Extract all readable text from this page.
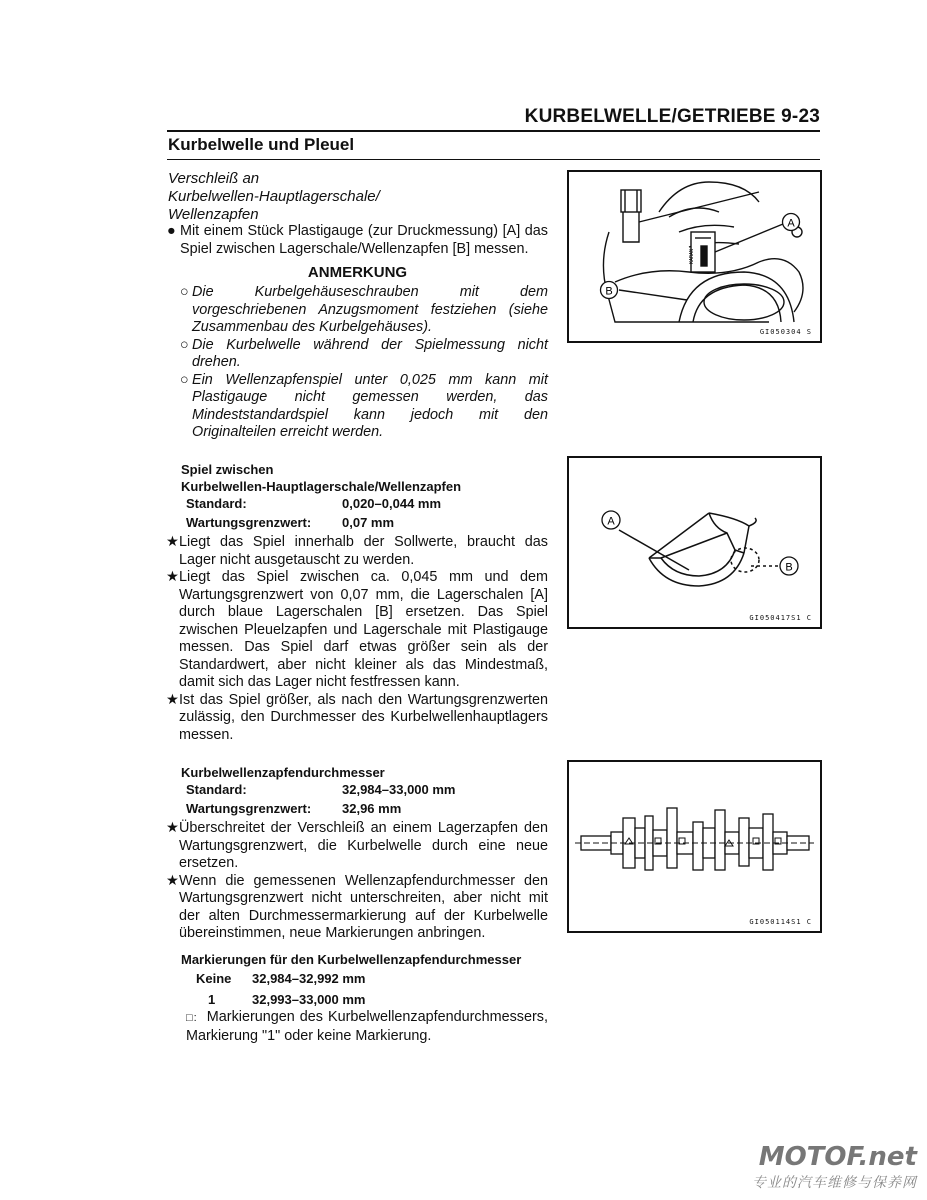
KURBELWELLE/GETRIEBE 9-23
Kurbelwelle und Pleuel
Verschleiß an
Kurbelwellen-Hauptlagerschale/
Wellenzapfen
● Mit einem Stück Plastigauge (zur Druckmessung) [A] das Spiel zwischen Lagerschale/Wellenzapfen [B] messen.
ANMERKUNG
○ Die Kurbelgehäuseschrauben mit dem vorgeschriebenen Anzugsmoment festziehen (siehe Zusammenbau des Kurbelgehäuses).
○ Die Kurbelwelle während der Spielmessung nicht drehen.
○ Ein Wellenzapfenspiel unter 0,025 mm kann mit Plastigauge nicht gemessen werden, das Mindeststandardspiel kann jedoch mit den Originalteilen erreicht werden.
Spiel zwischen
Kurbelwellen-Hauptlagerschale/Wellenzapfen
Standard:	0,020–0,044 mm
Wartungsgrenzwert:	0,07 mm
★ Liegt das Spiel innerhalb der Sollwerte, braucht das Lager nicht ausgetauscht zu werden.
★ Liegt das Spiel zwischen ca. 0,045 mm und dem Wartungsgrenzwert von 0,07 mm, die Lagerschalen [A] durch blaue Lagerschalen [B] ersetzen. Das Spiel zwischen Pleuelzapfen und Lagerschale mit Plastigauge messen. Das Spiel darf etwas größer sein als der Standardwert, aber nicht kleiner als das Mindestmaß, damit sich das Lager nicht festfressen kann.
★ Ist das Spiel größer, als nach den Wartungsgrenzwerten zulässig, den Durchmesser des Kurbelwellenhauptlagers messen.
Kurbelwellenzapfendurchmesser
Standard:	32,984–33,000 mm
Wartungsgrenzwert:	32,96 mm
★ Überschreitet der Verschleiß an einem Lagerzapfen den Wartungsgrenzwert, die Kurbelwelle durch eine neue ersetzen.
★ Wenn die gemessenen Wellenzapfendurchmesser den Wartungsgrenzwert nicht unterschreiten, aber nicht mit der alten Durchmessermarkierung auf der Kurbelwelle übereinstimmen, neue Markierungen anbringen.
Markierungen für den Kurbelwellenzapfendurchmesser
Keine	32,984–32,992 mm
1	32,993–33,000 mm
□: Markierungen des Kurbelwellenzapfendurchmessers, Markierung "1" oder keine Markierung.
A
B
KARAN
GI050304 S
A
B
GI050417S1 C
GI050114S1 C
MOTOF.net
专业的汽车维修与保养网
